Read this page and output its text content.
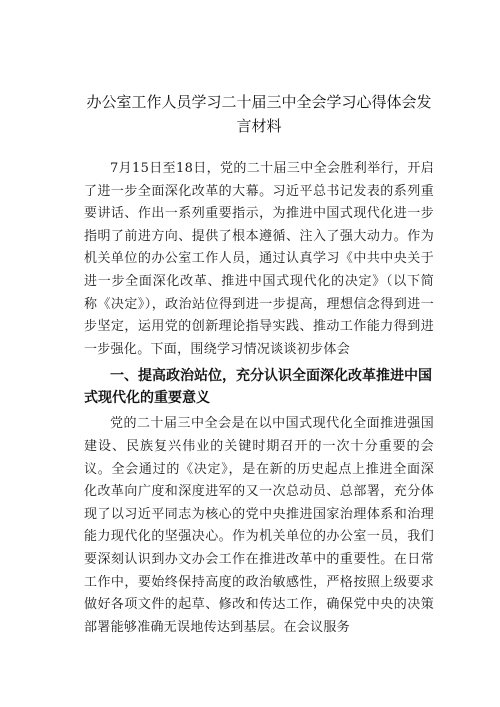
办公室工作人员学习二十届三中全会学习心得体会发
言材料

7月15日至18日，党的二十届三中全会胜利举行，开启了进一步全面深化改革的大幕。习近平总书记发表的系列重要讲话、作出一系列重要指示，为推进中国式现代化进一步指明了前进方向、提供了根本遵循、注入了强大动力。作为机关单位的办公室工作人员，通过认真学习《中共中央关于进一步全面深化改革、推进中国式现代化的决定》（以下简称《决定》），政治站位得到进一步提高，理想信念得到进一步坚定，运用党的创新理论指导实践、推动工作能力得到进一步强化。下面，围绕学习情况谈谈初步体会

一、提高政治站位，充分认识全面深化改革推进中国式现代化的重要意义

党的二十届三中全会是在以中国式现代化全面推进强国建设、民族复兴伟业的关键时期召开的一次十分重要的会议。全会通过的《决定》，是在新的历史起点上推进全面深化改革向广度和深度进军的又一次总动员、总部署，充分体现了以习近平同志为核心的党中央推进国家治理体系和治理能力现代化的坚强决心。作为机关单位的办公室一员，我们要深刻认识到办文办会工作在推进改革中的重要性。在日常工作中，要始终保持高度的政治敏感性，严格按照上级要求做好各项文件的起草、修改和传达工作，确保党中央的决策部署能够准确无误地传达到基层。在会议服务
